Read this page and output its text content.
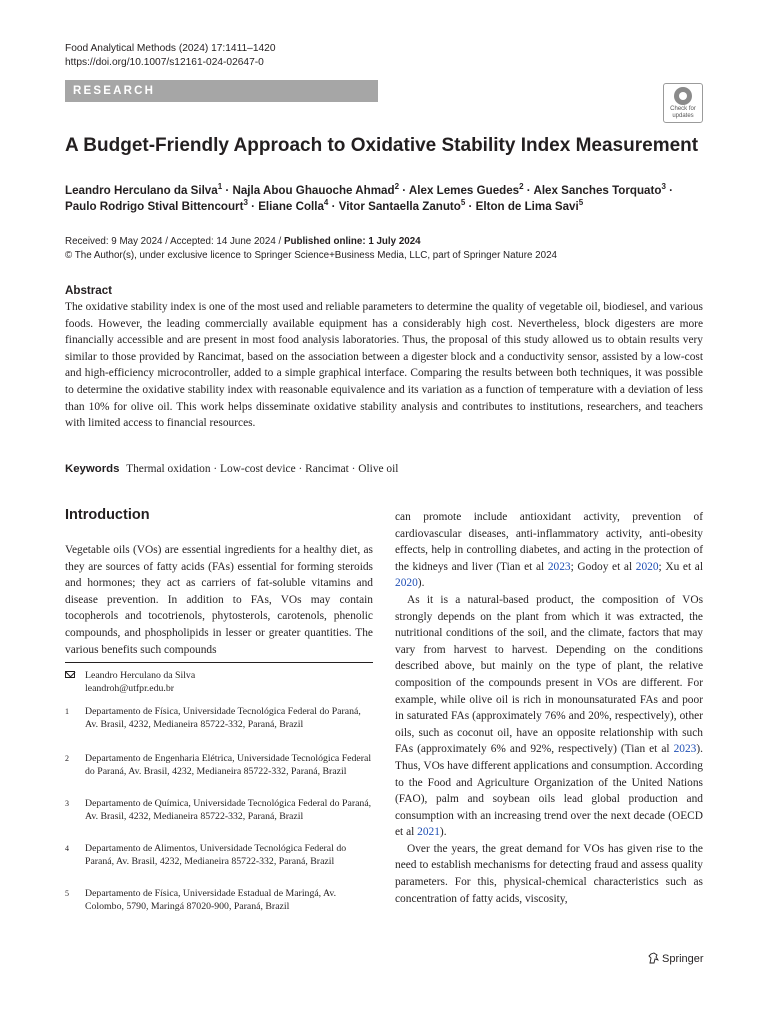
Food Analytical Methods (2024) 17:1411–1420
https://doi.org/10.1007/s12161-024-02647-0
RESEARCH
Check for updates
A Budget-Friendly Approach to Oxidative Stability Index Measurement
Leandro Herculano da Silva$^1$ · Najla Abou Ghauoche Ahmad$^2$ · Alex Lemes Guedes$^2$ · Alex Sanches Torquato$^3$ ·
Paulo Rodrigo Stival Bittencourt$^3$ · Eliane Colla$^4$ · Vitor Santaella Zanuto$^5$ · Elton de Lima Savi$^5$
Received: 9 May 2024 / Accepted: 14 June 2024 / Published online: 1 July 2024
© The Author(s), under exclusive licence to Springer Science+Business Media, LLC, part of Springer Nature 2024
Abstract
The oxidative stability index is one of the most used and reliable parameters to determine the quality of vegetable oil, biodiesel, and various foods. However, the leading commercially available equipment has a considerably high cost. Nevertheless, block digesters are more financially accessible and are present in most food analysis laboratories. Thus, the proposal of this study allowed us to obtain results very similar to those provided by Rancimat, based on the association between a digester block and a conductivity sensor, assisted by a low-cost and high-efficiency microcontroller, added to a simple graphical interface. Comparing the results between both techniques, it was possible to determine the oxidative stability index with reasonable equivalence and its variation as a function of temperature with a deviation of less than 10% for olive oil. This work helps disseminate oxidative stability analysis and contributes to institutions, researchers, and teachers with limited access to financial resources.
Keywords Thermal oxidation · Low-cost device · Rancimat · Olive oil
Introduction

Vegetable oils (VOs) are essential ingredients for a healthy diet, as they are sources of fatty acids (FAs) essential for forming steroids and hormones; they act as carriers of fat-soluble vitamins and disease prevention. In addition to FAs, VOs may contain tocopherols and tocotrienols, phytosterols, carotenols, phenolic compounds, and phospholipids in lesser or greater quantities. The various benefits such compounds

can promote include antioxidant activity, prevention of cardiovascular diseases, anti-inflammatory activity, anti-obesity effects, help in controlling diabetes, and acting in the protection of the kidneys and liver (Tian et al 2023; Godoy et al 2020; Xu et al 2020).

As it is a natural-based product, the composition of VOs strongly depends on the plant from which it was extracted, the nutritional conditions of the soil, and the climate, factors that may vary from harvest to harvest. Depending on the conditions described above, but mainly on the type of plant, the relative composition of the compounds present in VOs are different. For example, while olive oil is rich in monounsaturated FAs and poor in saturated FAs (approximately 76% and 20%, respectively), other oils, such as coconut oil, have an opposite relationship with such FAs (approximately 6% and 92%, respectively) (Tian et al 2023). Thus, VOs have different applications and consumption. According to the Food and Agriculture Organization of the United Nations (FAO), palm and soybean oils lead global production and consumption with an increasing trend over the next decade (OECD et al 2021).

Over the years, the great demand for VOs has given rise to the need to establish mechanisms for detecting fraud and assess quality parameters. For this, physical-chemical characteristics such as concentration of fatty acids, viscosity,

Leandro Herculano da Silva
leandroh@utfpr.edu.br
1	Departamento de Física, Universidade Tecnológica Federal do Paraná, Av. Brasil, 4232, Medianeira 85722-332, Paraná, Brazil
2	Departamento de Engenharia Elétrica, Universidade Tecnológica Federal do Paraná, Av. Brasil, 4232, Medianeira 85722-332, Paraná, Brazil
3	Departamento de Química, Universidade Tecnológica Federal do Paraná, Av. Brasil, 4232, Medianeira 85722-332, Paraná, Brazil
4	Departamento de Alimentos, Universidade Tecnológica Federal do Paraná, Av. Brasil, 4232, Medianeira 85722-332, Paraná, Brazil
5	Departamento de Física, Universidade Estadual de Maringá, Av. Colombo, 5790, Maringá 87020-900, Paraná, Brazil
Springer
